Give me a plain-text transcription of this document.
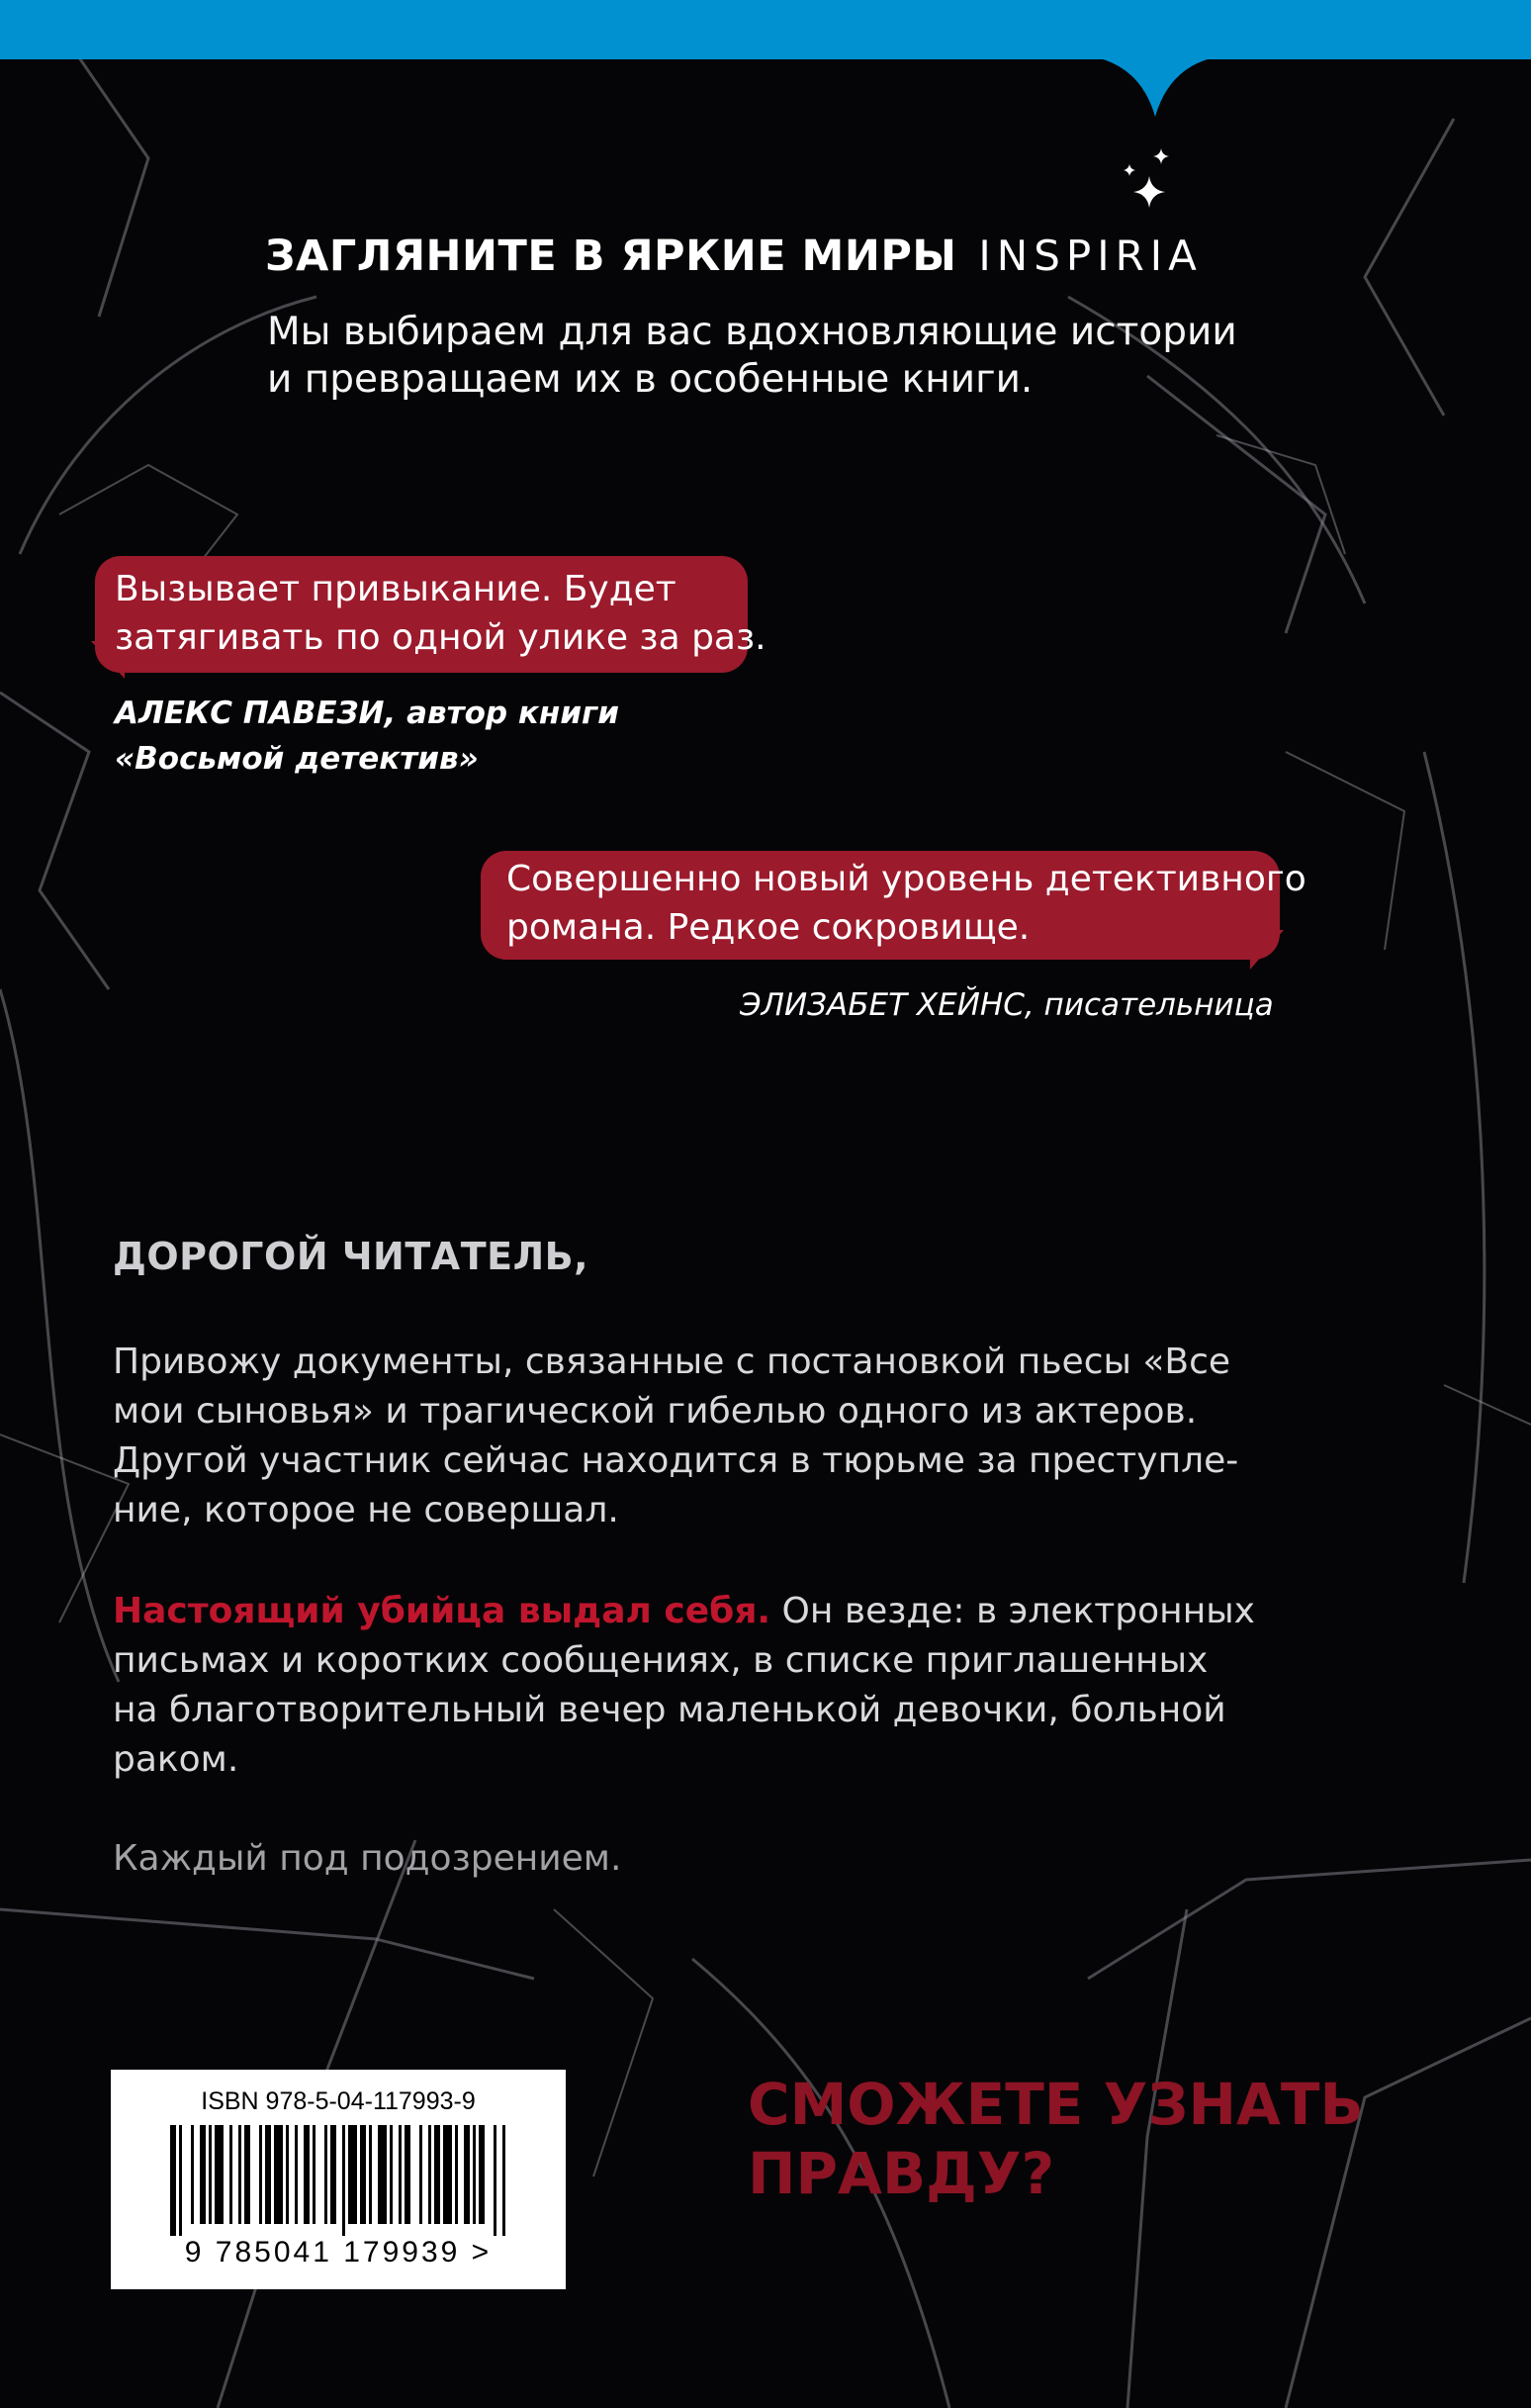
ЗАГЛЯНИТЕ В ЯРКИЕ МИРЫ INSPIRIA
Мы выбираем для вас вдохновляющие истории
и превращаем их в особенные книги.
Вызывает привыкание. Будет
затягивать по одной улике за раз.
АЛЕКС ПАВЕЗИ, автор книги
«Восьмой детектив»
Совершенно новый уровень детективного
романа. Редкое сокровище.
ЭЛИЗАБЕТ ХЕЙНС, писательница
ДОРОГОЙ ЧИТАТЕЛЬ,
Привожу документы, связанные с постановкой пьесы «Все
мои сыновья» и трагической гибелью одного из актеров.
Другой участник сейчас находится в тюрьме за преступле-
ние, которое не совершал.
Настоящий убийца выдал себя. Он везде: в электронных
письмах и коротких сообщениях, в списке приглашенных
на благотворительный вечер маленькой девочки, больной
раком.
Каждый под подозрением.
ISBN 978-5-04-117993-9
9 785041 179939 >
СМОЖЕТЕ УЗНАТЬ
ПРАВДУ?
